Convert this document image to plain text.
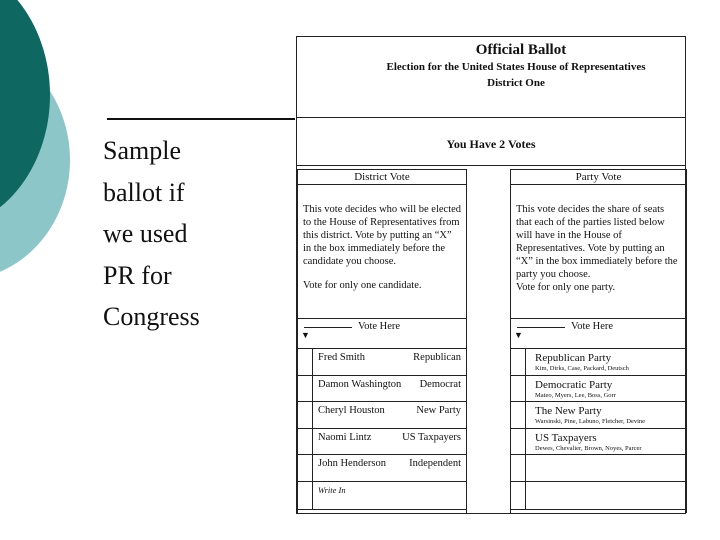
Sample
ballot if
we used
PR for
Congress
Official Ballot
Election for the United States House of Representatives
District One
You Have 2 Votes
District Vote

This vote decides who will be elected to the House of Representatives from this district. Vote by putting an “X” in the box immediately before the candidate you choose.

Vote for only one candidate.

▼
Vote Here
Fred Smith	Republican
Damon Washington Democrat
Cheryl Houston	New Party
Naomi Lintz	US Taxpayers
John Henderson Independent
Write In
Party Vote

This vote decides the share of seats that each of the parties listed below will have in the House of Representatives. Vote by putting an “X” in the box immediately before the party you choose.

Vote for only one party.

▼
Vote Here
Republican Party
Kim, Dirks, Case, Packard, Deutsch
Democratic Party
Mateo, Myers, Lee, Boss, Gorr
The New Party
Warsinski, Pine, Labuno, Fletcher, Devine
US Taxpayers
Dewes, Chevalier, Brown, Noyes, Parcer
